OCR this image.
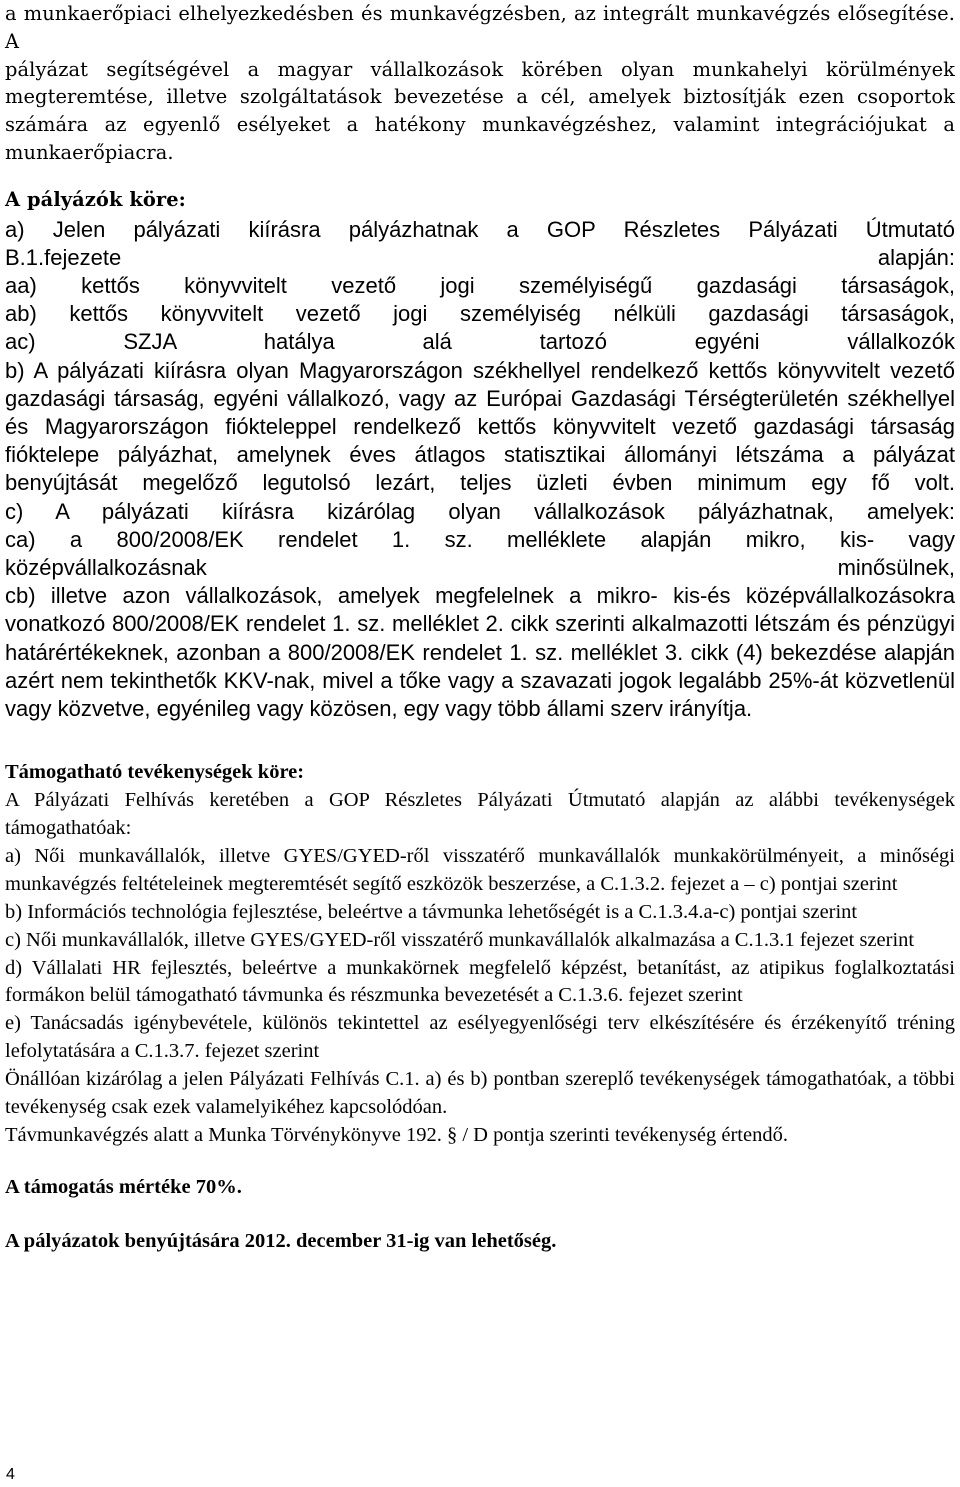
a munkaerőpiaci elhelyezkedésben és munkavégzésben, az integrált munkavégzés elősegítése. A

pályázat segítségével a magyar vállalkozások körében olyan munkahelyi körülmények

megteremtése, illetve szolgáltatások bevezetése a cél, amelyek biztosítják ezen csoportok

számára az egyenlő esélyeket a hatékony munkavégzéshez, valamint integrációjukat a

munkaerőpiacra.

A pályázók köre:

a) Jelen pályázati kiírásra pályázhatnak a GOP Részletes Pályázati Útmutató

B.1.fejezete alapján:

aa) kettős könyvvitelt vezető jogi személyiségű gazdasági társaságok,

ab) kettős könyvvitelt vezető jogi személyiség nélküli gazdasági társaságok,

ac) SZJA hatálya alá tartozó egyéni vállalkozók

b) A pályázati kiírásra olyan Magyarországon székhellyel rendelkező kettős könyvvitelt vezető gazdasági társaság, egyéni vállalkozó, vagy az Európai Gazdasági Térségterületén székhellyel és Magyarországon fiókteleppel rendelkező kettős könyvvitelt vezető gazdasági társaság fióktelepe pályázhat, amelynek éves átlagos statisztikai állományi létszáma a pályázat benyújtását megelőző legutolsó lezárt, teljes üzleti évben minimum egy fő volt.

c) A pályázati kiírásra kizárólag olyan vállalkozások pályázhatnak, amelyek:

ca) a 800/2008/EK rendelet 1. sz. melléklete alapján mikro, kis- vagy

középvállalkozásnak minősülnek,

cb) illetve azon vállalkozások, amelyek megfelelnek a mikro- kis-és középvállalkozásokra vonatkozó 800/2008/EK rendelet 1. sz. melléklet 2. cikk szerinti alkalmazotti létszám és pénzügyi határértékeknek, azonban a 800/2008/EK rendelet 1. sz. melléklet 3. cikk (4) bekezdése alapján azért nem tekinthetők KKV-nak, mivel a tőke vagy a szavazati jogok legalább 25%-át közvetlenül vagy közvetve, egyénileg vagy közösen, egy vagy több állami szerv irányítja.

Támogatható tevékenységek köre:

A Pályázati Felhívás keretében a GOP Részletes Pályázati Útmutató alapján az alábbi tevékenységek támogathatóak:

a) Női munkavállalók, illetve GYES/GYED-ről visszatérő munkavállalók munkakörülményeit, a minőségi munkavégzés feltételeinek megteremtését segítő eszközök beszerzése, a C.1.3.2. fejezet a – c) pontjai szerint

b) Információs technológia fejlesztése, beleértve a távmunka lehetőségét is a C.1.3.4.a-c) pontjai szerint

c) Női munkavállalók, illetve GYES/GYED-ről visszatérő munkavállalók alkalmazása a C.1.3.1 fejezet szerint

d) Vállalati HR fejlesztés, beleértve a munkakörnek megfelelő képzést, betanítást, az atipikus foglalkoztatási formákon belül támogatható távmunka és részmunka bevezetését a C.1.3.6. fejezet szerint

e) Tanácsadás igénybevétele, különös tekintettel az esélyegyenlőségi terv elkészítésére és érzékenyítő tréning lefolytatására a C.1.3.7. fejezet szerint

Önállóan kizárólag a jelen Pályázati Felhívás C.1. a) és b) pontban szereplő tevékenységek támogathatóak, a többi tevékenység csak ezek valamelyikéhez kapcsolódóan.

Távmunkavégzés alatt a Munka Törvénykönyve 192. § / D pontja szerinti tevékenység értendő.

A támogatás mértéke 70%.

A pályázatok benyújtására 2012. december 31-ig van lehetőség.

4
